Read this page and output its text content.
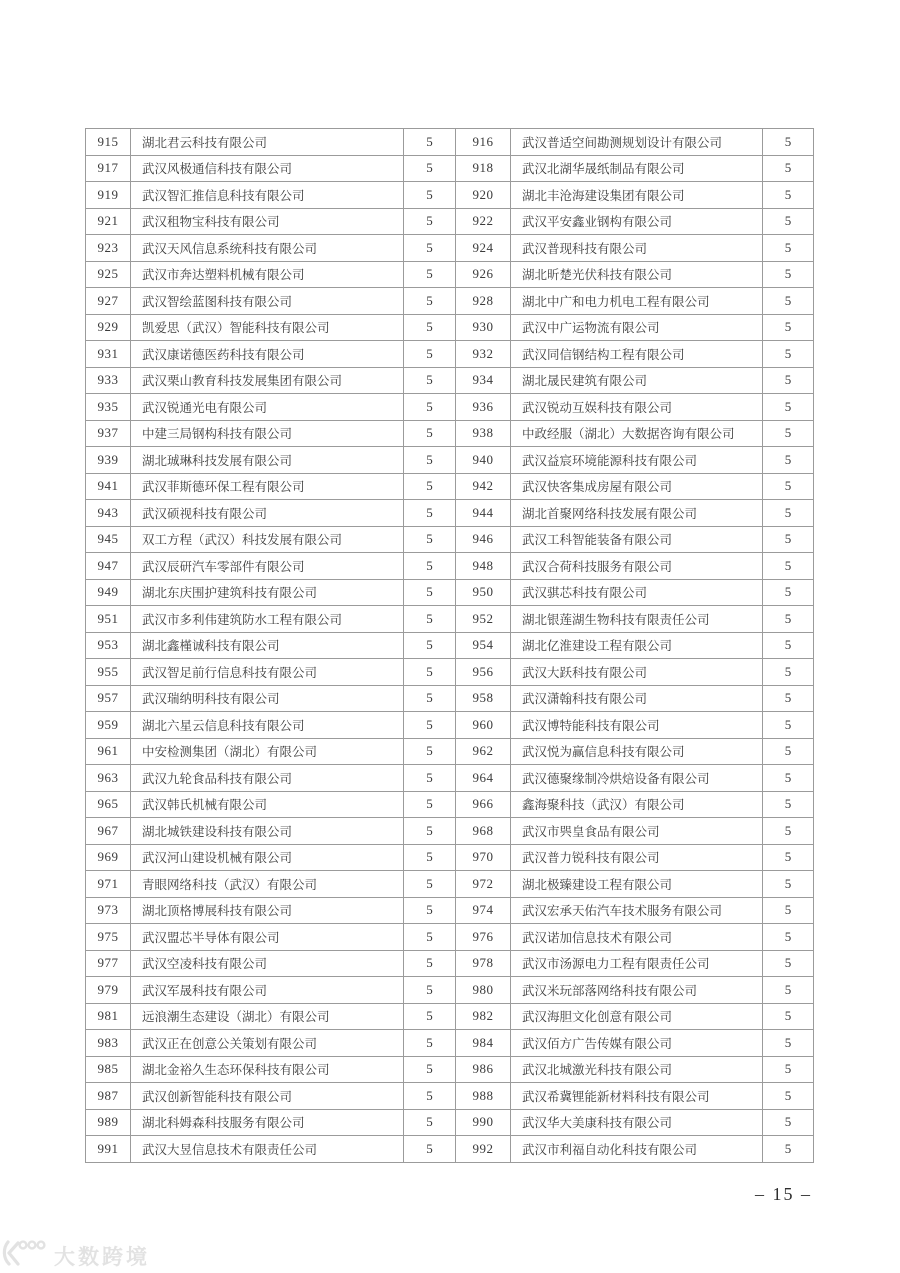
915	湖北君云科技有限公司	5	916	武汉普适空间勘测规划设计有限公司	5
917	武汉风极通信科技有限公司	5	918	武汉北湖华晟纸制品有限公司	5
919	武汉智汇推信息科技有限公司	5	920	湖北丰沧海建设集团有限公司	5
921	武汉租物宝科技有限公司	5	922	武汉平安鑫业钢构有限公司	5
923	武汉天风信息系统科技有限公司	5	924	武汉普现科技有限公司	5
925	武汉市奔达塑料机械有限公司	5	926	湖北昕楚光伏科技有限公司	5
927	武汉智绘蓝图科技有限公司	5	928	湖北中广和电力机电工程有限公司	5
929	凯爱思（武汉）智能科技有限公司	5	930	武汉中广运物流有限公司	5
931	武汉康诺德医药科技有限公司	5	932	武汉同信钢结构工程有限公司	5
933	武汉栗山教育科技发展集团有限公司	5	934	湖北晟民建筑有限公司	5
935	武汉锐通光电有限公司	5	936	武汉锐动互娱科技有限公司	5
937	中建三局钢构科技有限公司	5	938	中政经服（湖北）大数据咨询有限公司	5
939	湖北珹琳科技发展有限公司	5	940	武汉益宸环境能源科技有限公司	5
941	武汉菲斯德环保工程有限公司	5	942	武汉快客集成房屋有限公司	5
943	武汉硕视科技有限公司	5	944	湖北首聚网络科技发展有限公司	5
945	双工方程（武汉）科技发展有限公司	5	946	武汉工科智能装备有限公司	5
947	武汉辰研汽车零部件有限公司	5	948	武汉合荷科技服务有限公司	5
949	湖北东庆围护建筑科技有限公司	5	950	武汉骐芯科技有限公司	5
951	武汉市多利伟建筑防水工程有限公司	5	952	湖北银莲湖生物科技有限责任公司	5
953	湖北鑫槿诚科技有限公司	5	954	湖北亿淮建设工程有限公司	5
955	武汉智足前行信息科技有限公司	5	956	武汉大跃科技有限公司	5
957	武汉瑞纳明科技有限公司	5	958	武汉潇翰科技有限公司	5
959	湖北六星云信息科技有限公司	5	960	武汉博特能科技有限公司	5
961	中安检测集团（湖北）有限公司	5	962	武汉悦为赢信息科技有限公司	5
963	武汉九轮食品科技有限公司	5	964	武汉德聚缘制冷烘焙设备有限公司	5
965	武汉韩氏机械有限公司	5	966	鑫海聚科技（武汉）有限公司	5
967	湖北城铁建设科技有限公司	5	968	武汉市巺皇食品有限公司	5
969	武汉河山建设机械有限公司	5	970	武汉普力锐科技有限公司	5
971	青眼网络科技（武汉）有限公司	5	972	湖北极臻建设工程有限公司	5
973	湖北顶格博展科技有限公司	5	974	武汉宏承天佑汽车技术服务有限公司	5
975	武汉盟芯半导体有限公司	5	976	武汉诺加信息技术有限公司	5
977	武汉空凌科技有限公司	5	978	武汉市汤源电力工程有限责任公司	5
979	武汉军晟科技有限公司	5	980	武汉米玩部落网络科技有限公司	5
981	远浪潮生态建设（湖北）有限公司	5	982	武汉海胆文化创意有限公司	5
983	武汉正在创意公关策划有限公司	5	984	武汉佰方广告传媒有限公司	5
985	湖北金裕久生态环保科技有限公司	5	986	武汉北城激光科技有限公司	5
987	武汉创新智能科技有限公司	5	988	武汉希冀锂能新材料科技有限公司	5
989	湖北科姆森科技服务有限公司	5	990	武汉华大美康科技有限公司	5
991	武汉大昱信息技术有限责任公司	5	992	武汉市利福自动化科技有限公司	5
– 15 –
大数跨境
